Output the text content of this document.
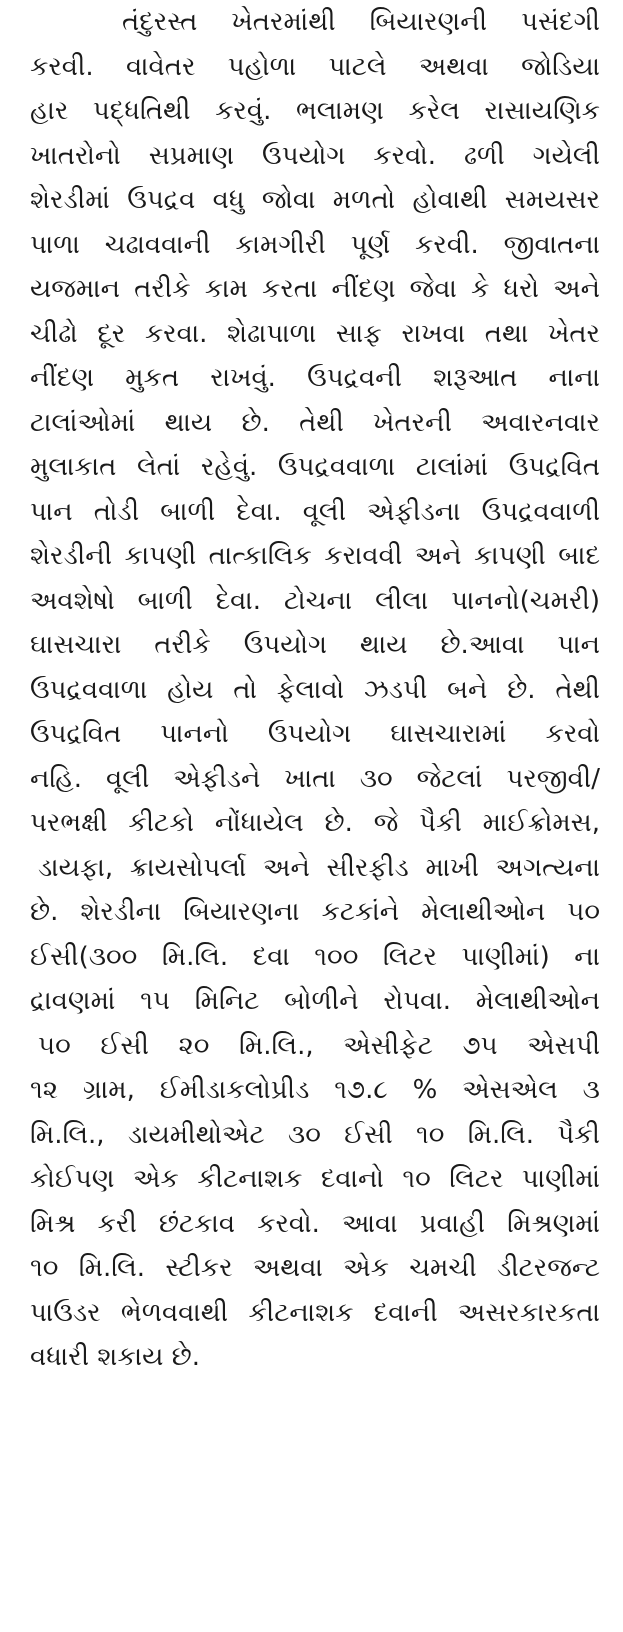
તંદુરસ્ત ખેતરમાંથી બિયારણની પસંદગી
કરવી. વાવેતર પહોળા પાટલે અથવા જોડિયા
હાર પદ્ધતિથી કરવું. ભલામણ કરેલ રાસાયણિક
ખાતરોનો સપ્રમાણ ઉપયોગ કરવો. ઢળી ગયેલી
શેરડીમાં ઉપદ્રવ વધુ જોવા મળતો હોવાથી સમયસર
પાળા ચઢાવવાની કામગીરી પૂર્ણ કરવી. જીવાતના
યજમાન તરીકે કામ કરતા નીંદણ જેવા કે ધરો અને
ચીઢો દૂર કરવા. શેઢાપાળા સાફ રાખવા તથા ખેતર
નીંદણ મુકત રાખવું. ઉપદ્રવની શરૂઆત નાના
ટાલાંઓમાં થાય છે. તેથી ખેતરની અવારનવાર
મુલાકાત લેતાં રહેવું. ઉપદ્રવવાળા ટાલાંમાં ઉપદ્રવિત
પાન તોડી બાળી દેવા. વૂલી એફીડના ઉપદ્રવવાળી
શેરડીની કાપણી તાત્કાલિક કરાવવી અને કાપણી બાદ
અવશેષો બાળી દેવા. ટોચના લીલા પાનનો(ચમરી)
ઘાસચારા તરીકે ઉપયોગ થાય છે.આવા પાન
ઉપદ્રવવાળા હોય તો ફેલાવો ઝડપી બને છે. તેથી
ઉપદ્રવિત પાનનો ઉપયોગ ઘાસચારામાં કરવો
નહિ. વૂલી એફીડને ખાતા ૩૦ જેટલાં પરજીવી/
પરભક્ષી કીટકો નોંધાયેલ છે. જે પૈકી માઈક્રોમસ,
ડાયફા, ક્રાયસોપર્લા અને સીરફીડ માખી અગત્યના
છે. શેરડીના બિયારણના કટકાંને મેલાથીઓન ૫૦
ઈસી(૩૦૦ મિ.લિ. દવા ૧૦૦ લિટર પાણીમાં) ના
દ્રાવણમાં ૧૫ મિનિટ બોળીને રોપવા. મેલાથીઓન
૫૦ ઈસી ૨૦ મિ.લિ., એસીફેટ ૭૫ એસપી
૧૨ ગ્રામ, ઈમીડાકલોપ્રીડ ૧૭.૮ % એસએલ ૩
મિ.લિ., ડાયમીથોએટ ૩૦ ઈસી ૧૦ મિ.લિ. પૈકી
કોઈપણ એક કીટનાશક દવાનો ૧૦ લિટર પાણીમાં
મિશ્ર કરી છંટકાવ કરવો. આવા પ્રવાહી મિશ્રણમાં
૧૦ મિ.લિ. સ્ટીકર અથવા એક ચમચી ડીટરજન્ટ
પાઉડર ભેળવવાથી કીટનાશક દવાની અસરકારકતા
વધારી શકાય છે.
